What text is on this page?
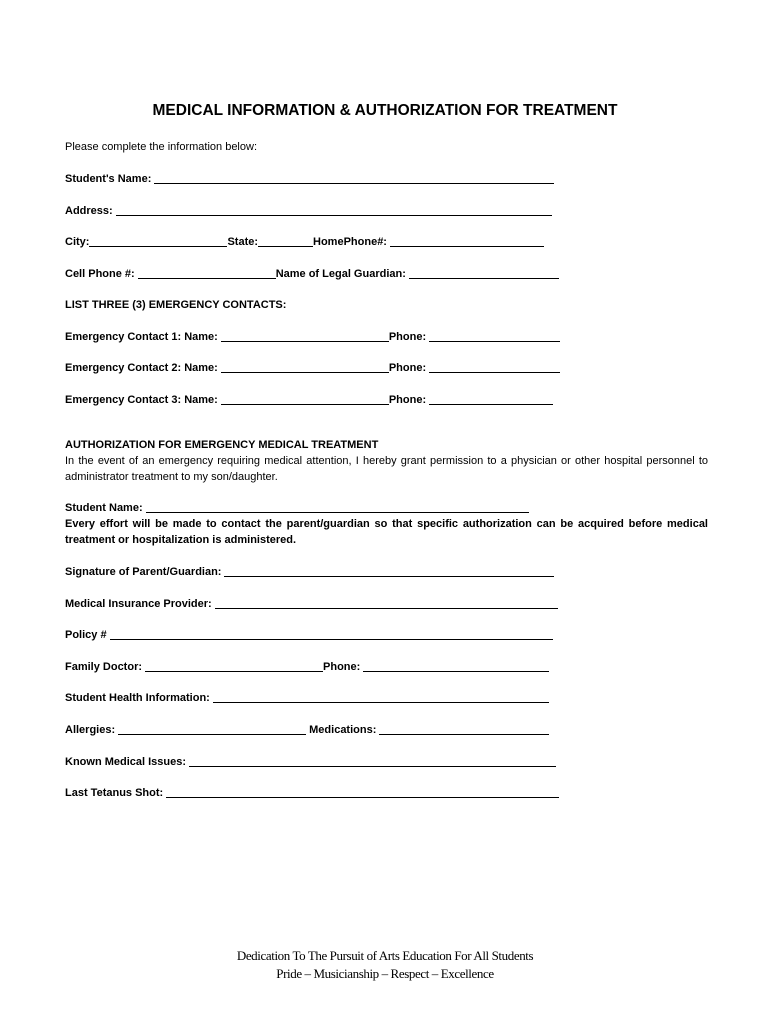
MEDICAL INFORMATION & AUTHORIZATION FOR TREATMENT
Please complete the information below:
Student's Name:
Address:
City:	State:	HomePhone#:
Cell Phone #:	Name of Legal Guardian:
LIST THREE (3) EMERGENCY CONTACTS:
Emergency Contact 1: Name:	Phone:
Emergency Contact 2: Name:	Phone:
Emergency Contact 3: Name:	Phone:
AUTHORIZATION FOR EMERGENCY MEDICAL TREATMENT
In the event of an emergency requiring medical attention, I hereby grant permission to a physician or other hospital personnel to administrator treatment to my son/daughter.
Student Name:
Every effort will be made to contact the parent/guardian so that specific authorization can be acquired before medical treatment or hospitalization is administered.
Signature of Parent/Guardian:
Medical Insurance Provider:
Policy #
Family Doctor:	Phone:
Student Health Information:
Allergies:	Medications:
Known Medical Issues:
Last Tetanus Shot:
Dedication To The Pursuit of Arts Education For All Students
Pride – Musicianship – Respect – Excellence
